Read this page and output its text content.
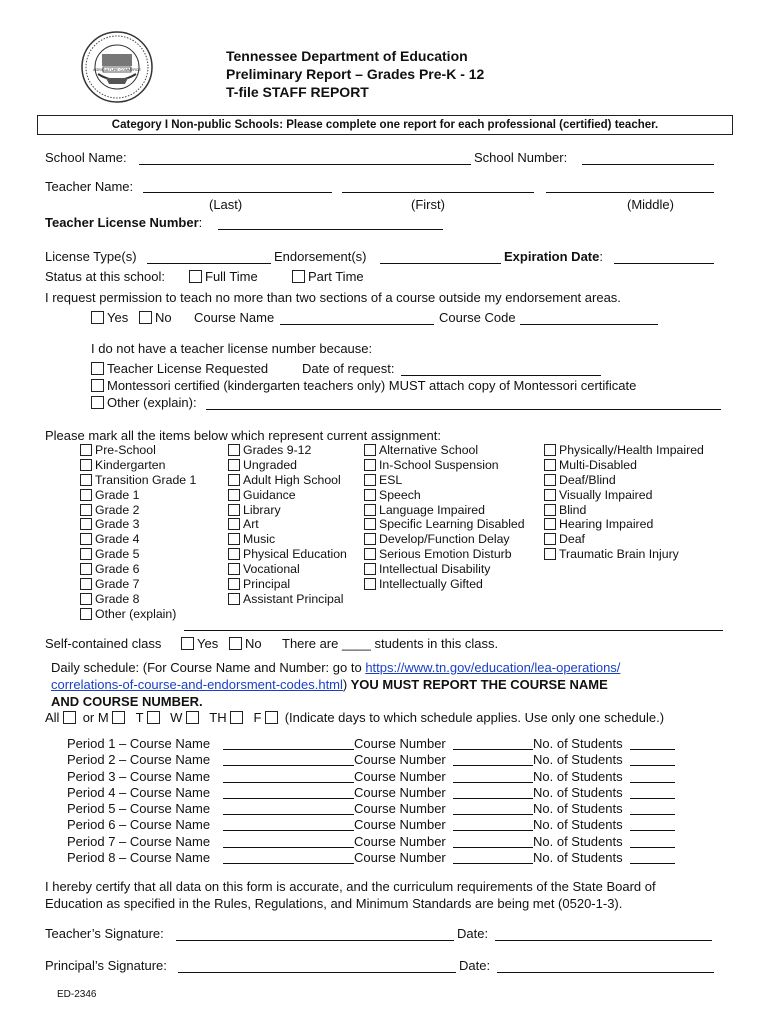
AGRICULTURE COMMERCE
Tennessee Department of Education
Preliminary Report – Grades Pre-K - 12
T-file STAFF REPORT
Category I Non-public Schools: Please complete one report for each professional (certified) teacher.
School Name:	School Number:
Teacher Name:
(Last)	(First)	(Middle)
Teacher License Number:
License Type(s)	Endorsement(s)	Expiration Date:
Status at this school:	Full Time	Part Time
I request permission to teach no more than two sections of a course outside my endorsement areas.
Yes	No Course Name	Course Code
I do not have a teacher license number because:
Teacher License Requested	Date of request:
Montessori certified (kindergarten teachers only) MUST attach copy of Montessori certificate
Other (explain):
Please mark all the items below which represent current assignment:
Pre-School
Kindergarten
Transition Grade 1
Grade 1
Grade 2
Grade 3
Grade 4
Grade 5
Grade 6
Grade 7
Grade 8
Other (explain)
Grades 9-12
Ungraded
Adult High School
Guidance
Library
Art
Music
Physical Education
Vocational
Principal
Assistant Principal
Alternative School
In-School Suspension
ESL
Speech
Language Impaired
Specific Learning Disabled
Develop/Function Delay
Serious Emotion Disturb
Intellectual Disability
Intellectually Gifted
Physically/Health Impaired
Multi-Disabled
Deaf/Blind
Visually Impaired
Blind
Hearing Impaired
Deaf
Traumatic Brain Injury
Self-contained class	Yes	No There are ____ students in this class.
Daily schedule: (For Course Name and Number: go to https://www.tn.gov/education/lea-operations/
correlations-of-course-and-endorsment-codes.html) YOU MUST REPORT THE COURSE NAME
AND COURSE NUMBER.
All or M T W TH F (Indicate days to which schedule applies. Use only one schedule.)
Period 1 – Course Name	Course Number	No. of Students
Period 2 – Course Name	Course Number	No. of Students
Period 3 – Course Name	Course Number	No. of Students
Period 4 – Course Name	Course Number	No. of Students
Period 5 – Course Name	Course Number	No. of Students
Period 6 – Course Name	Course Number	No. of Students
Period 7 – Course Name	Course Number	No. of Students
Period 8 – Course Name	Course Number	No. of Students
I hereby certify that all data on this form is accurate, and the curriculum requirements of the State Board of
Education as specified in the Rules, Regulations, and Minimum Standards are being met (0520-1-3).
Teacher’s Signature:	Date:
Principal’s Signature:	Date:
ED-2346
